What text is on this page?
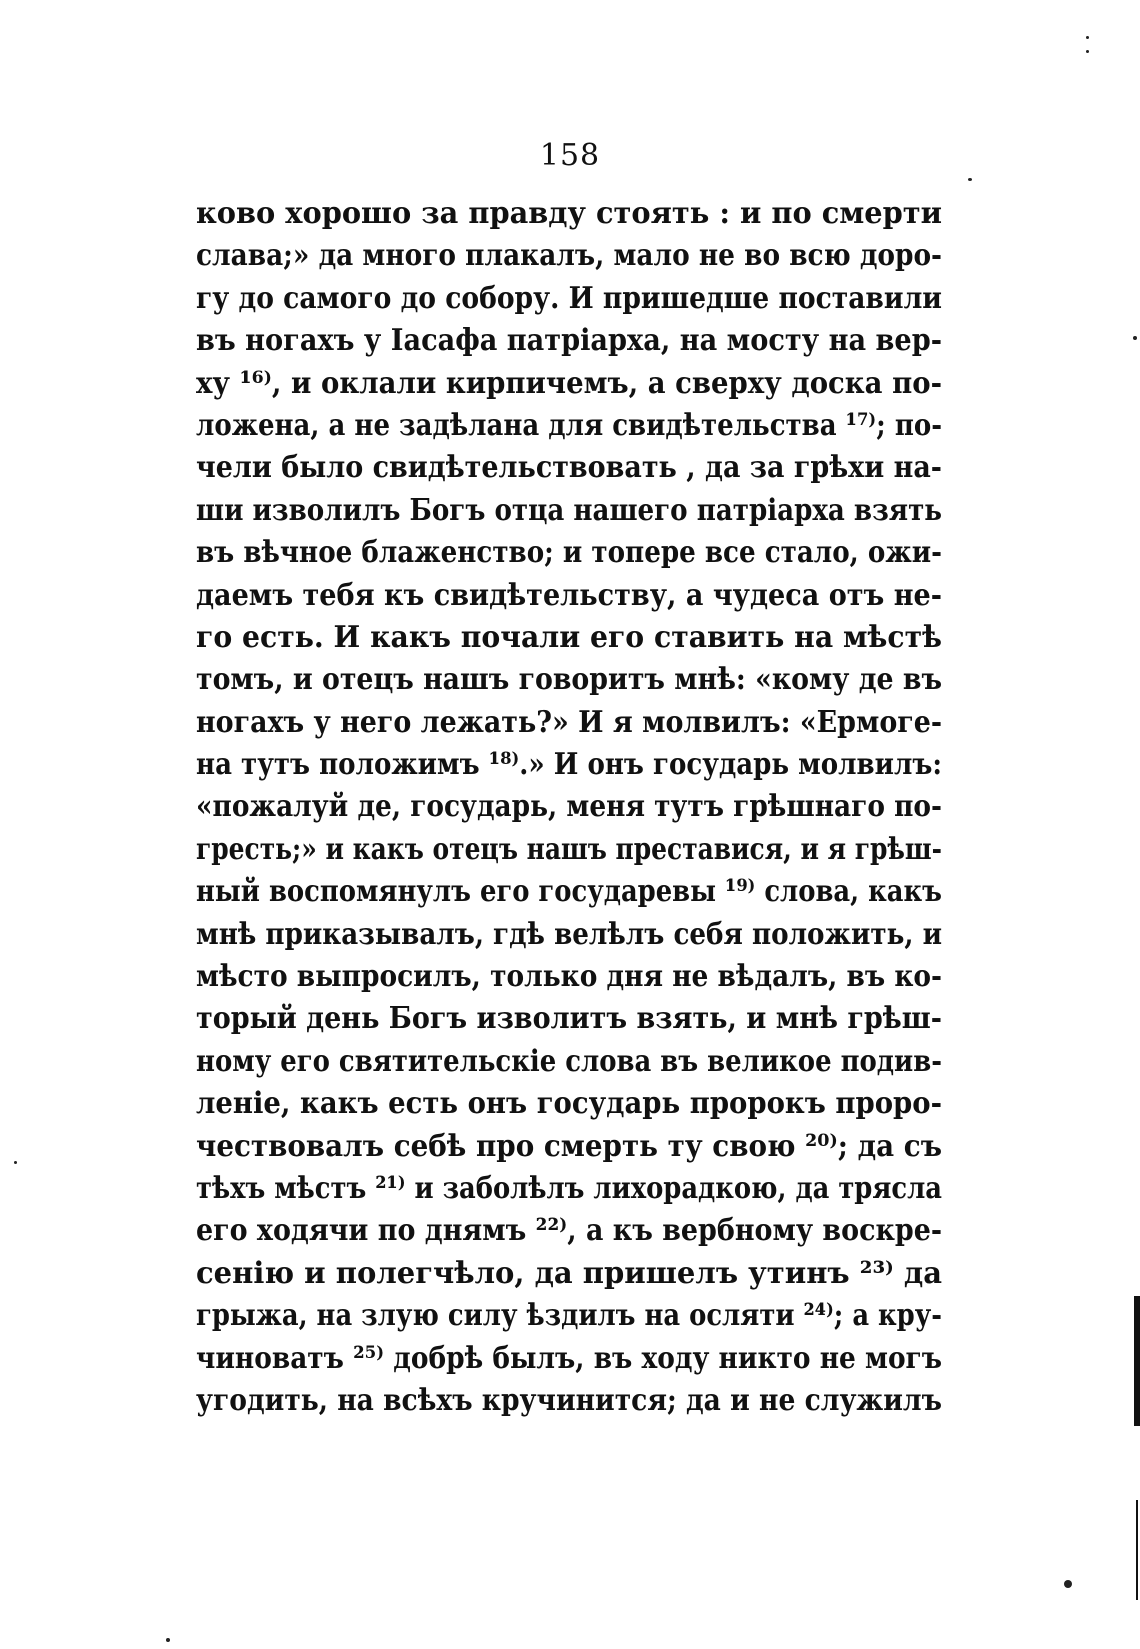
158
ково хорошо за правду стоять : и по смерти
слава;» да много плакалъ, мало не во всю доро-
гу до самого до собору. И пришедше поставили
въ ногахъ у Іасафа патріарха, на мосту на вер-
ху ¹⁶⁾, и оклали кирпичемъ, а сверху доска по-
ложена, а не задѣлана для свидѣтельства ¹⁷⁾; по-
чели было свидѣтельствовать , да за грѣхи на-
ши изволилъ Богъ отца нашего патріарха взять
въ вѣчное блаженство; и топере все стало, ожи-
даемъ тебя къ свидѣтельству, а чудеса отъ не-
го есть. И какъ почали его ставить на мѣстѣ
томъ, и отецъ нашъ говоритъ мнѣ: «кому де въ
ногахъ у него лежать?» И я молвилъ: «Ермоге-
на тутъ положимъ ¹⁸⁾.» И онъ государь молвилъ:
«пожалуй де, государь, меня тутъ грѣшнаго по-
гресть;» и какъ отецъ нашъ преставися, и я грѣш-
ный воспомянулъ его государевы ¹⁹⁾ слова, какъ
мнѣ приказывалъ, гдѣ велѣлъ себя положить, и
мѣсто выпросилъ, только дня не вѣдалъ, въ ко-
торый день Богъ изволитъ взять, и мнѣ грѣш-
ному его святительскіе слова въ великое подив-
леніе, какъ есть онъ государь пророкъ проро-
чествовалъ себѣ про смерть ту свою ²⁰⁾; да съ
тѣхъ мѣстъ ²¹⁾ и заболѣлъ лихорадкою, да трясла
его ходячи по днямъ ²²⁾, а къ вербному воскре-
сенію и полегчѣло, да пришелъ утинъ ²³⁾ да
грыжа, на злую силу ѣздилъ на осляти ²⁴⁾; а кру-
чиноватъ ²⁵⁾ добрѣ былъ, въ ходу никто не могъ
угодить, на всѣхъ кручинится; да и не служилъ
